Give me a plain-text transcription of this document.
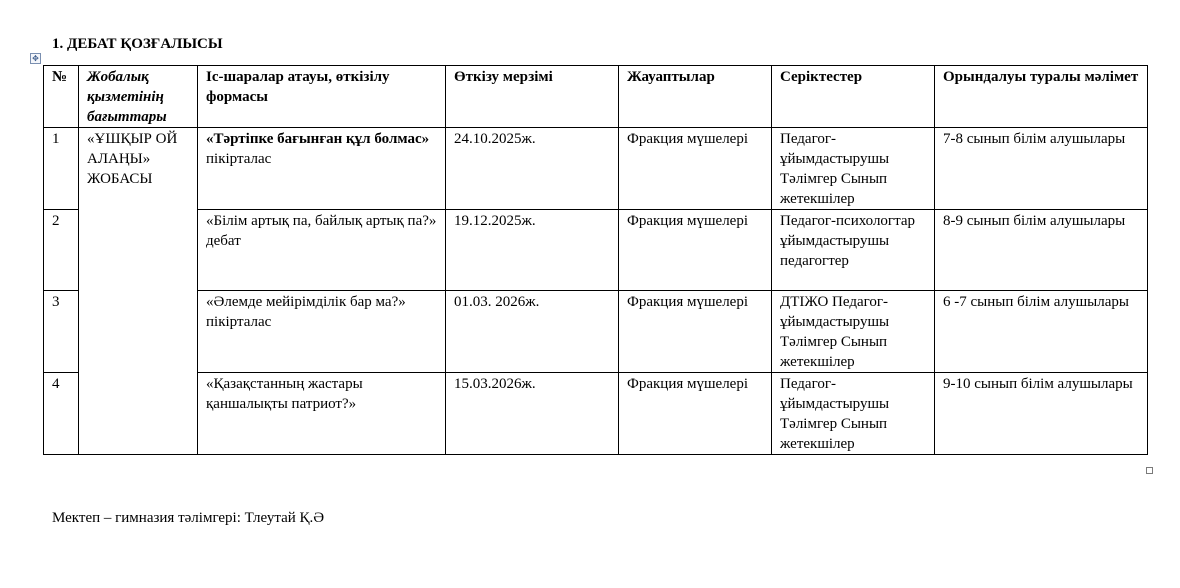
1. ДЕБАТ ҚОЗҒАЛЫСЫ
✥
№	Жобалық қызметінің бағыттары	Іс-шаралар атауы, өткізілу формасы	Өткізу мерзімі	Жауаптылар	Серіктестер	Орындалуы туралы мәлімет
1	«ҰШҚЫР ОЙ АЛАҢЫ» ЖОБАСЫ	«Тәртіпке бағынған құл болмас» пікірталас	24.10.2025ж.	Фракция мүшелері	Педагог-ұйымдастырушы Тәлімгер Сынып жетекшілер	7-8 сынып білім алушылары
2		«Білім артық па, байлық артық па?» дебат	19.12.2025ж.	Фракция мүшелері	Педагог-психологтар ұйымдастырушы педагогтер	8-9 сынып білім алушылары
3		«Әлемде мейірімділік бар ма?» пікірталас	01.03. 2026ж.	Фракция мүшелері	ДТІЖО Педагог-ұйымдастырушы Тәлімгер Сынып жетекшілер	6 -7 сынып білім алушылары
4		«Қазақстанның жастары қаншалықты патриот?»	15.03.2026ж.	Фракция мүшелері	Педагог-ұйымдастырушы Тәлімгер Сынып жетекшілер	9-10 сынып білім алушылары
Мектеп – гимназия тәлімгері: Тлеутай Қ.Ә
